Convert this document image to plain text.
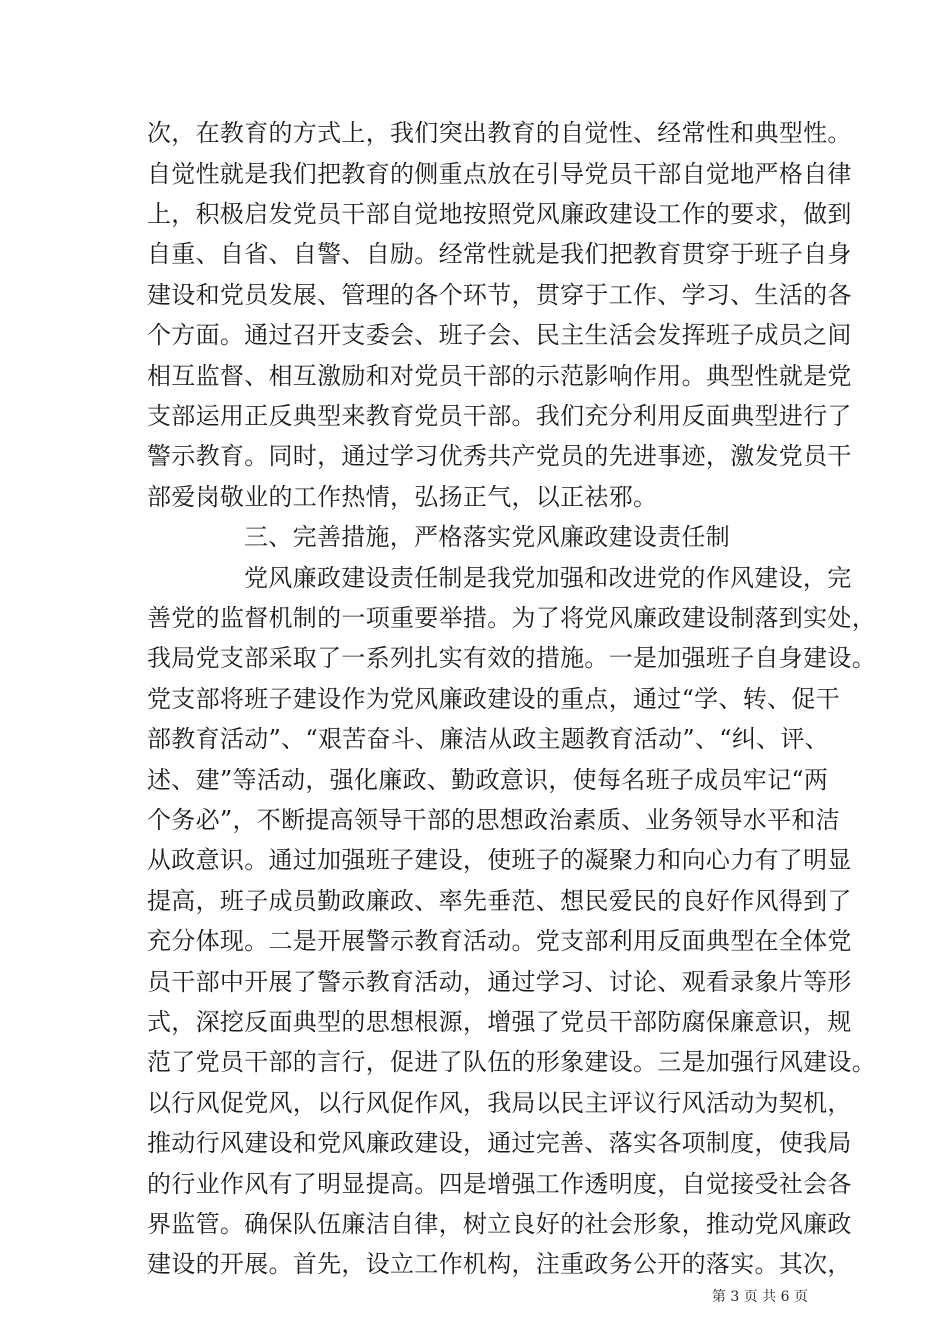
次，在教育的方式上，我们突出教育的自觉性、经常性和典型性。
自觉性就是我们把教育的侧重点放在引导党员干部自觉地严格自律
上，积极启发党员干部自觉地按照党风廉政建设工作的要求，做到
自重、自省、自警、自励。经常性就是我们把教育贯穿于班子自身
建设和党员发展、管理的各个环节，贯穿于工作、学习、生活的各
个方面。通过召开支委会、班子会、民主生活会发挥班子成员之间
相互监督、相互激励和对党员干部的示范影响作用。典型性就是党
支部运用正反典型来教育党员干部。我们充分利用反面典型进行了
警示教育。同时，通过学习优秀共产党员的先进事迹，激发党员干
部爱岗敬业的工作热情，弘扬正气，以正祛邪。
三、完善措施，严格落实党风廉政建设责任制
党风廉政建设责任制是我党加强和改进党的作风建设，完
善党的监督机制的一项重要举措。为了将党风廉政建设制落到实处，
我局党支部采取了一系列扎实有效的措施。一是加强班子自身建设。
党支部将班子建设作为党风廉政建设的重点，通过“学、转、促干
部教育活动”、“艰苦奋斗、廉洁从政主题教育活动”、“纠、评、
述、建”等活动，强化廉政、勤政意识，使每名班子成员牢记“两
个务必”，不断提高领导干部的思想政治素质、业务领导水平和洁
从政意识。通过加强班子建设，使班子的凝聚力和向心力有了明显
提高，班子成员勤政廉政、率先垂范、想民爱民的良好作风得到了
充分体现。二是开展警示教育活动。党支部利用反面典型在全体党
员干部中开展了警示教育活动，通过学习、讨论、观看录象片等形
式，深挖反面典型的思想根源，增强了党员干部防腐保廉意识，规
范了党员干部的言行，促进了队伍的形象建设。三是加强行风建设。
以行风促党风，以行风促作风，我局以民主评议行风活动为契机，
推动行风建设和党风廉政建设，通过完善、落实各项制度，使我局
的行业作风有了明显提高。四是增强工作透明度，自觉接受社会各
界监管。确保队伍廉洁自律，树立良好的社会形象，推动党风廉政
建设的开展。首先，设立工作机构，注重政务公开的落实。其次，
第 3 页 共 6 页
